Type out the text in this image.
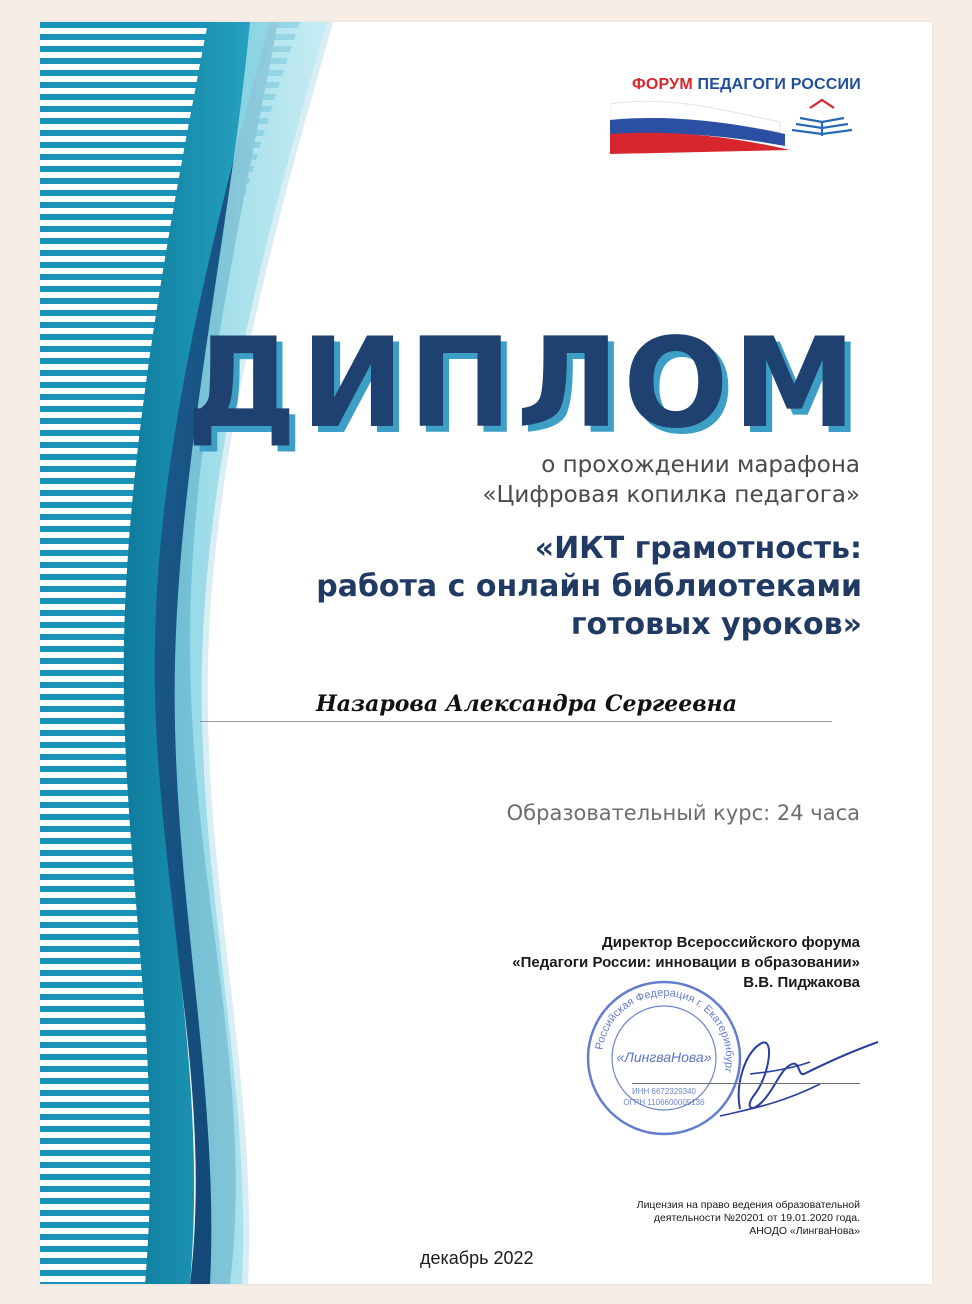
ФОРУМ ПЕДАГОГИ РОССИИ
ДИПЛОМ
о прохождении марафона
«Цифровая копилка педагога»
«ИКТ грамотность:
работа с онлайн библиотеками
готовых уроков»
Назарова Александра Сергеевна
Образовательный курс: 24 часа
Директор Всероссийского форума
«Педагоги России: инновации в образовании»
В.В. Пиджакова
Российская Федерация г. Екатеринбург
«ЛингваНова»
ИНН 6672329340
ОГРН 1106600005136
Лицензия на право ведения образовательной
деятельности №20201 от 19.01.2020 года.
АНОДО «ЛингваНова»
декабрь 2022
